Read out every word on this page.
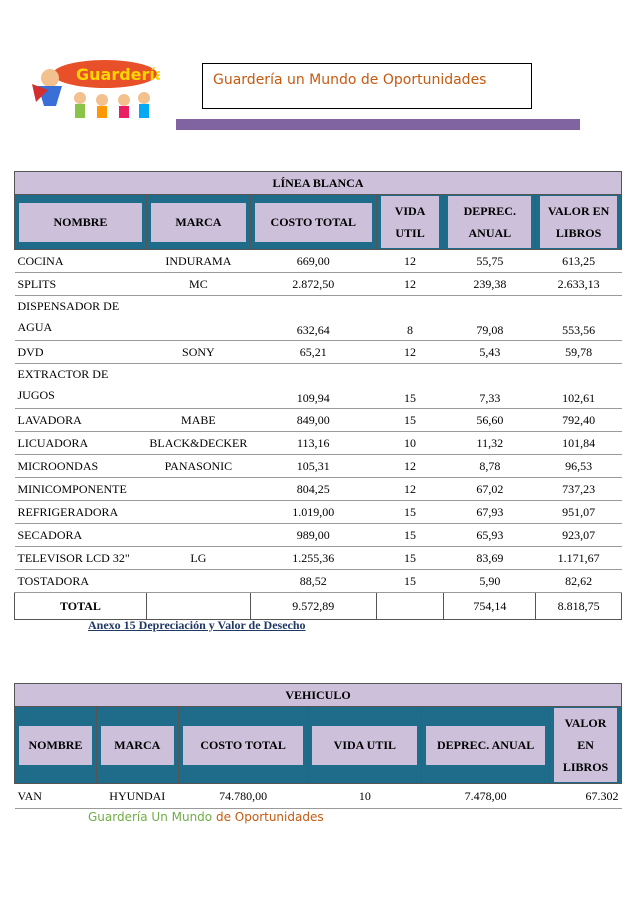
Guardería	Guardería un Mundo de Oportunidades
LÍNEA BLANCA					

NOMBRE	MARCA	COSTO TOTAL	VIDA UTIL	DEPREC. ANUAL	VALOR EN LIBROS

COCINA	INDURAMA	669,00	12	55,75	613,25
SPLITS	MC	2.872,50	12	239,38	2.633,13
DISPENSADOR DE AGUA		632,64	8	79,08	553,56
DVD	SONY	65,21	12	5,43	59,78
EXTRACTOR DE JUGOS		109,94	15	7,33	102,61
LAVADORA	MABE	849,00	15	56,60	792,40
LICUADORA	BLACK&DECKER	113,16	10	11,32	101,84
MICROONDAS	PANASONIC	105,31	12	8,78	96,53
MINICOMPONENTE		804,25	12	67,02	737,23
REFRIGERADORA		1.019,00	15	67,93	951,07
SECADORA		989,00	15	65,93	923,07
TELEVISOR LCD 32"	LG	1.255,36	15	83,69	1.171,67
TOSTADORA		88,52	15	5,90	82,62
TOTAL		9.572,89		754,14	8.818,75
Anexo 15 Depreciación y Valor de Desecho
VEHICULO					

NOMBRE	MARCA	COSTO TOTAL	VIDA UTIL	DEPREC. ANUAL	VALOR EN LIBROS

VAN	HYUNDAI	74.780,00	10	7.478,00	67.302
Guardería Un Mundo de Oportunidades
